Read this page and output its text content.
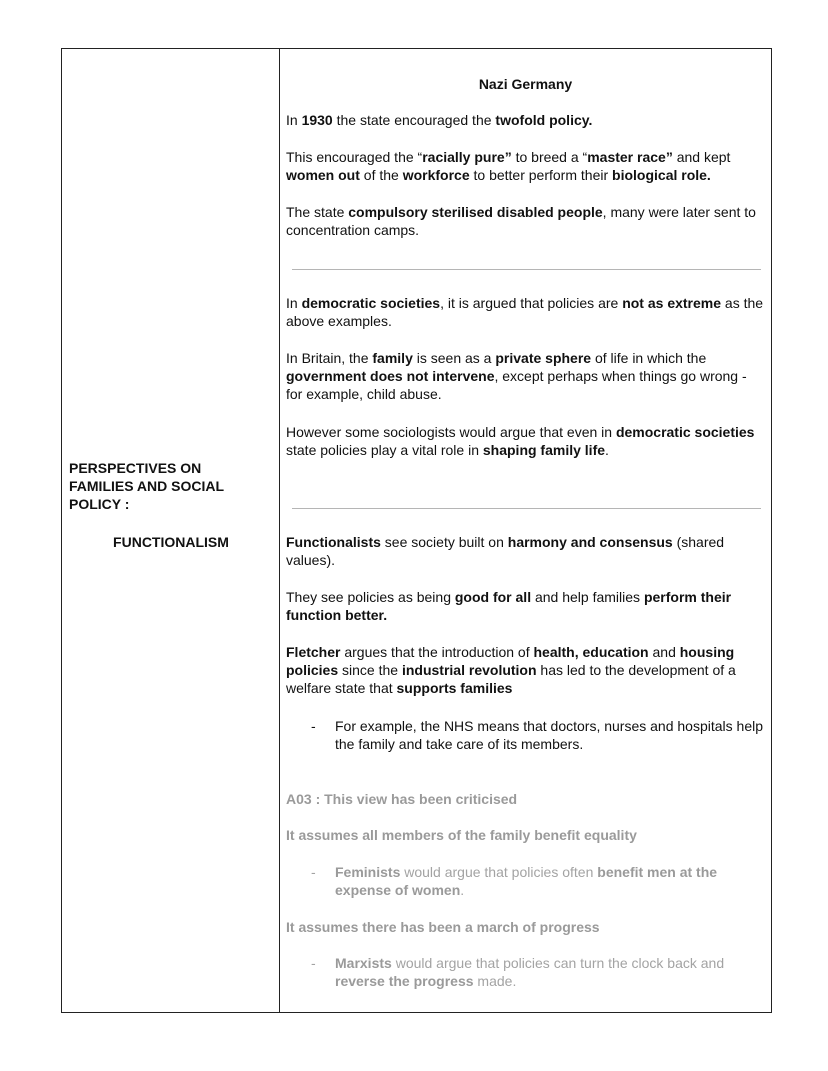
PERSPECTIVES ON
FAMILIES AND SOCIAL
POLICY :
FUNCTIONALISM
Nazi Germany

In 1930 the state encouraged the twofold policy.

This encouraged the “racially pure” to breed a “master race” and kept women out of the workforce to better perform their biological role.

The state compulsory sterilised disabled people, many were later sent to concentration camps.

In democratic societies, it is argued that policies are not as extreme as the above examples.

In Britain, the family is seen as a private sphere of life in which the government does not intervene, except perhaps when things go wrong - for example, child abuse.

However some sociologists would argue that even in democratic societies state policies play a vital role in shaping family life.

Functionalists see society built on harmony and consensus (shared values).

They see policies as being good for all and help families perform their function better.

Fletcher argues that the introduction of health, education and housing policies since the industrial revolution has led to the development of a welfare state that supports families

- For example, the NHS means that doctors, nurses and hospitals help the family and take care of its members.

A03 : This view has been criticised

It assumes all members of the family benefit equality

- Feminists would argue that policies often benefit men at the expense of women.

It assumes there has been a march of progress

- Marxists would argue that policies can turn the clock back and reverse the progress made.
